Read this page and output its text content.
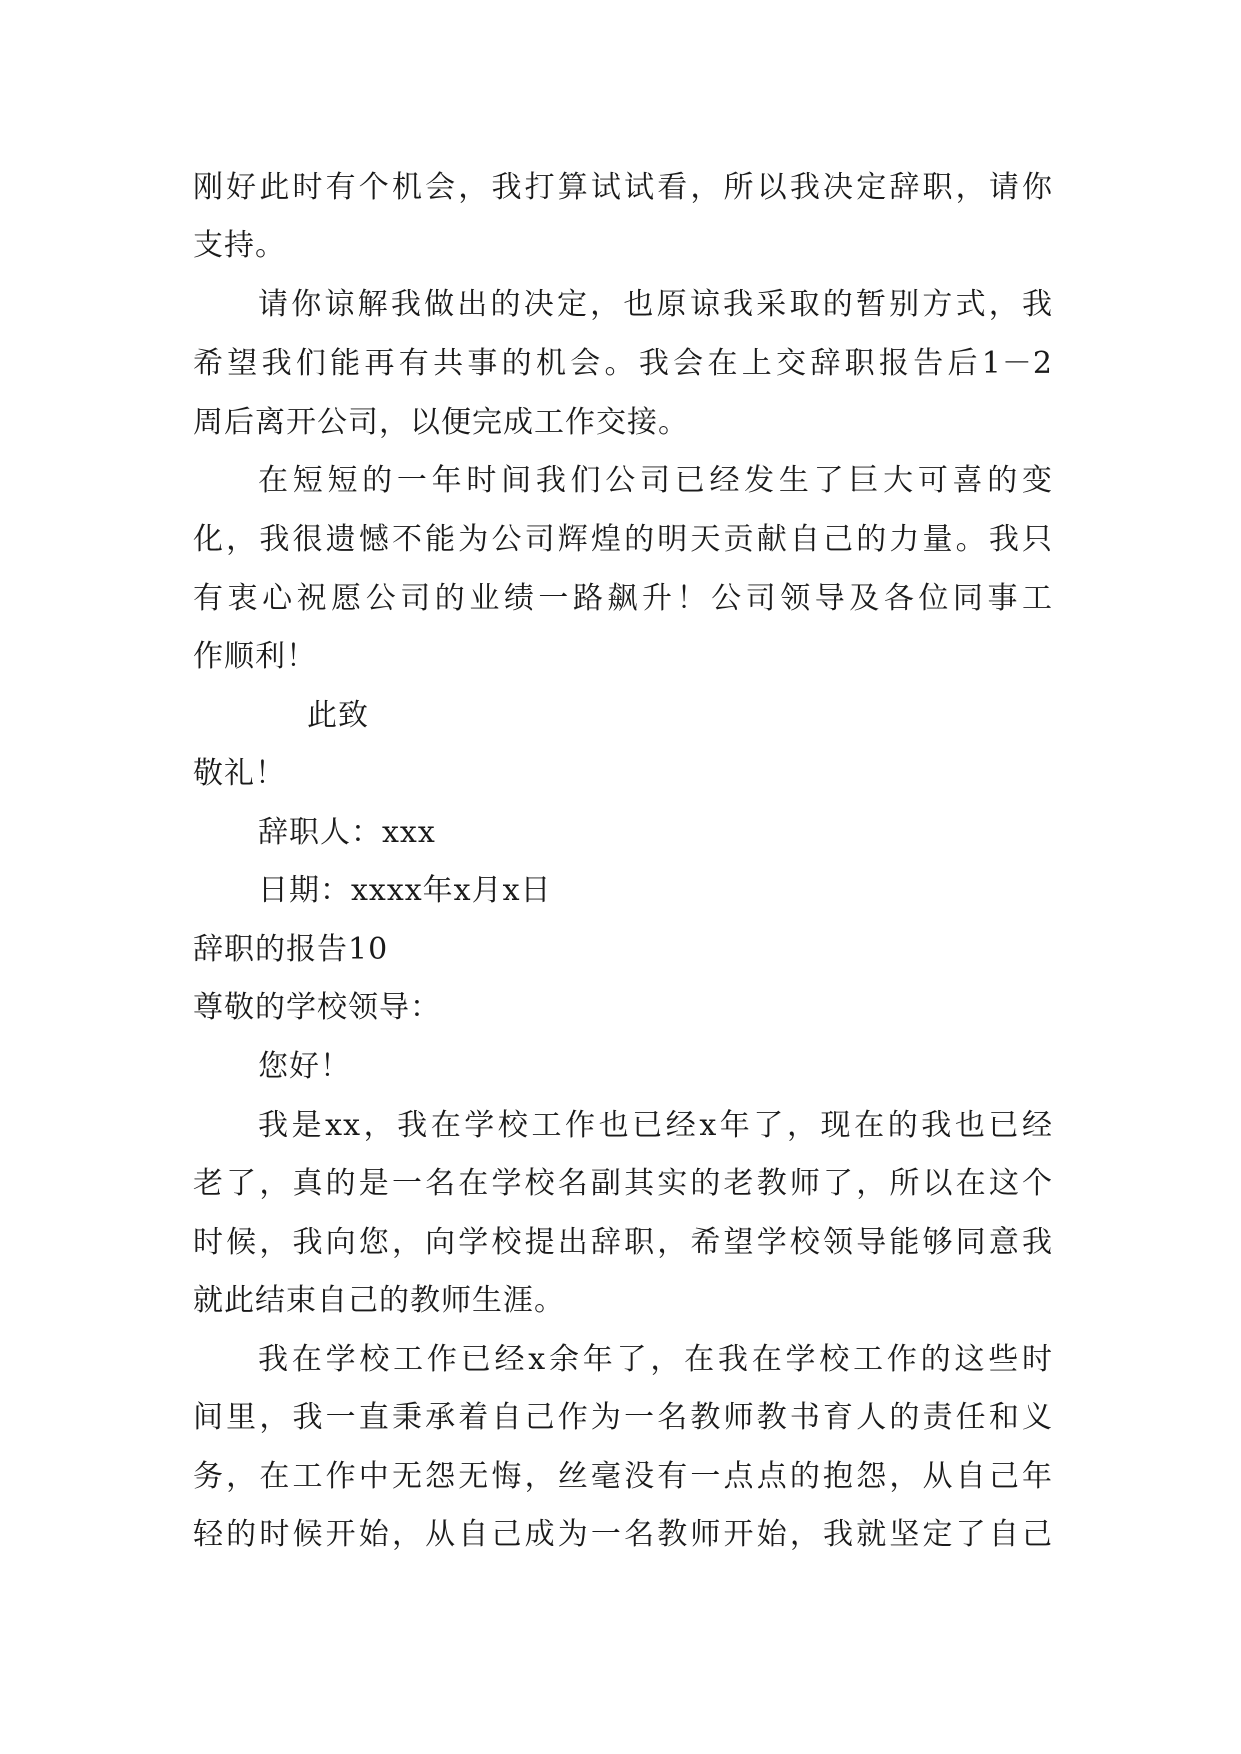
刚好此时有个机会，我打算试试看，所以我决定辞职，请你
支持。
请你谅解我做出的决定，也原谅我采取的暂别方式，我
希望我们能再有共事的机会。我会在上交辞职报告后1－2
周后离开公司，以便完成工作交接。
在短短的一年时间我们公司已经发生了巨大可喜的变
化，我很遗憾不能为公司辉煌的明天贡献自己的力量。我只
有衷心祝愿公司的业绩一路飙升！公司领导及各位同事工
作顺利！
此致
敬礼！
辞职人：xxx
日期：xxxx年x月x日
辞职的报告10
尊敬的学校领导：
您好！
我是xx，我在学校工作也已经x年了，现在的我也已经
老了，真的是一名在学校名副其实的老教师了，所以在这个
时候，我向您，向学校提出辞职，希望学校领导能够同意我
就此结束自己的教师生涯。
我在学校工作已经x余年了，在我在学校工作的这些时
间里，我一直秉承着自己作为一名教师教书育人的责任和义
务，在工作中无怨无悔，丝毫没有一点点的抱怨，从自己年
轻的时候开始，从自己成为一名教师开始，我就坚定了自己
